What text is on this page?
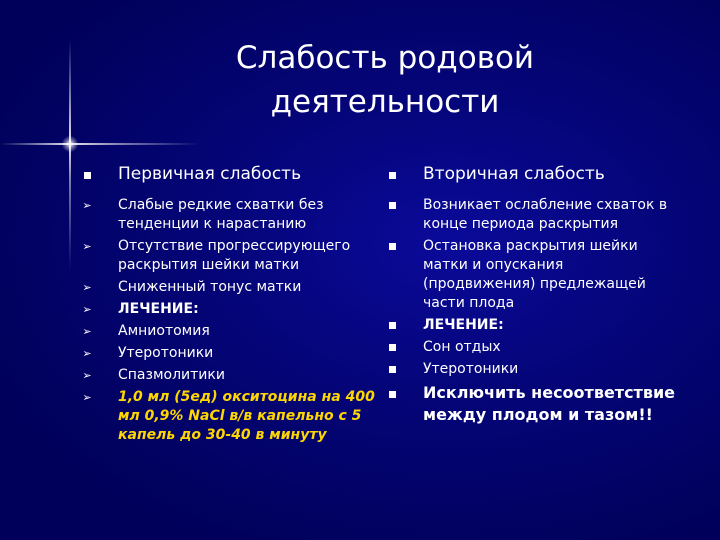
Слабость родовой деятельности
Первичная слабость
➢ Слабые редкие схватки без тенденции к нарастанию
➢ Отсутствие прогрессирующего раскрытия шейки матки
➢ Сниженный тонус матки
➢ ЛЕЧЕНИЕ:
➢ Амниотомия
➢ Утеротоники
➢ Спазмолитики
➢ 1,0 мл (5ед) окситоцина на 400 мл 0,9% NaCl в/в капельно с 5 капель до 30-40 в минуту
Вторичная слабость
Возникает ослабление схваток в конце периода раскрытия
Остановка раскрытия шейки матки и опускания (продвижения) предлежащей части плода
ЛЕЧЕНИЕ:
Сон отдых
Утеротоники
Исключить несоответствие между плодом и тазом!!
